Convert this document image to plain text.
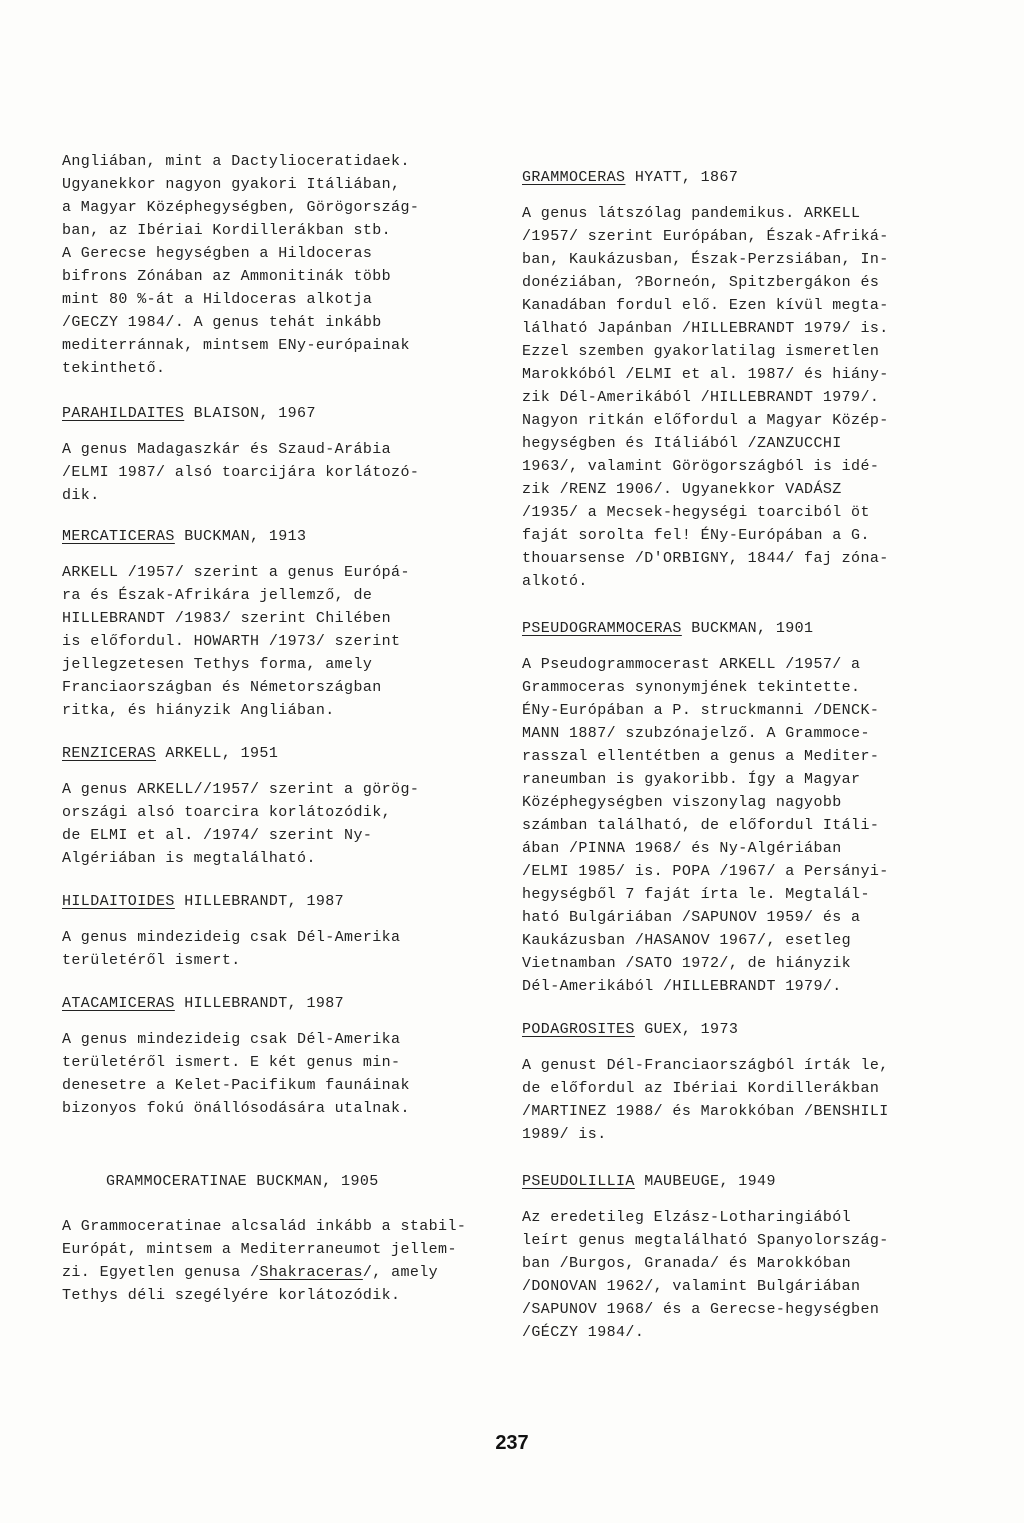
Angliában, mint a Dactylioceratidaek.

Ugyanekkor nagyon gyakori Itáliában,

a Magyar Középhegységben, Görögország-

ban, az Ibériai Kordillerákban stb.

A Gerecse hegységben a Hildoceras

bifrons Zónában az Ammonitinák több

mint 80 %-át a Hildoceras alkotja

/GECZY 1984/. A genus tehát inkább

mediterránnak, mintsem ENy-európainak

tekinthető.

PARAHILDAITES BLAISON, 1967

A genus Madagaszkár és Szaud-Arábia

/ELMI 1987/ alsó toarcijára korlátozó-

dik.

MERCATICERAS BUCKMAN, 1913

ARKELL /1957/ szerint a genus Európá-

ra és Észak-Afrikára jellemző, de

HILLEBRANDT /1983/ szerint Chilében

is előfordul. HOWARTH /1973/ szerint

jellegzetesen Tethys forma, amely

Franciaországban és Németországban

ritka, és hiányzik Angliában.

RENZICERAS ARKELL, 1951

A genus ARKELL//1957/ szerint a görög-

országi alsó toarcira korlátozódik,

de ELMI et al. /1974/ szerint Ny-

Algériában is megtalálható.

HILDAITOIDES HILLEBRANDT, 1987

A genus mindezideig csak Dél-Amerika

területéről ismert.

ATACAMICERAS HILLEBRANDT, 1987

A genus mindezideig csak Dél-Amerika

területéről ismert. E két genus min-

denesetre a Kelet-Pacifikum faunáinak

bizonyos fokú önállósodására utalnak.

GRAMMOCERATINAE BUCKMAN, 1905

A Grammoceratinae alcsalád inkább a stabil-

Európát, mintsem a Mediterraneumot jellem-

zi. Egyetlen genusa /Shakraceras/, amely

Tethys déli szegélyére korlátozódik.

GRAMMOCERAS HYATT, 1867

A genus látszólag pandemikus. ARKELL

/1957/ szerint Európában, Észak-Afriká-

ban, Kaukázusban, Észak-Perzsiában, In-

donéziában, ?Borneón, Spitzbergákon és

Kanadában fordul elő. Ezen kívül megta-

lálható Japánban /HILLEBRANDT 1979/ is.

Ezzel szemben gyakorlatilag ismeretlen

Marokkóból /ELMI et al. 1987/ és hiány-

zik Dél-Amerikából /HILLEBRANDT 1979/.

Nagyon ritkán előfordul a Magyar Közép-

hegységben és Itáliából /ZANZUCCHI

1963/, valamint Görögországból is idé-

zik /RENZ 1906/. Ugyanekkor VADÁSZ

/1935/ a Mecsek-hegységi toarciból öt

faját sorolta fel! ÉNy-Európában a G.

thouarsense /D'ORBIGNY, 1844/ faj zóna-

alkotó.

PSEUDOGRAMMOCERAS BUCKMAN, 1901

A Pseudogrammocerast ARKELL /1957/ a

Grammoceras synonymjének tekintette.

ÉNy-Európában a P. struckmanni /DENCK-

MANN 1887/ szubzónajelző. A Grammoce-

rasszal ellentétben a genus a Mediter-

raneumban is gyakoribb. Így a Magyar

Középhegységben viszonylag nagyobb

számban található, de előfordul Itáli-

ában /PINNA 1968/ és Ny-Algériában

/ELMI 1985/ is. POPA /1967/ a Persányi-

hegységből 7 faját írta le. Megtalál-

ható Bulgáriában /SAPUNOV 1959/ és a

Kaukázusban /HASANOV 1967/, esetleg

Vietnamban /SATO 1972/, de hiányzik

Dél-Amerikából /HILLEBRANDT 1979/.

PODAGROSITES GUEX, 1973

A genust Dél-Franciaországból írták le,

de előfordul az Ibériai Kordillerákban

/MARTINEZ 1988/ és Marokkóban /BENSHILI

1989/ is.

PSEUDOLILLIA MAUBEUGE, 1949

Az eredetileg Elzász-Lotharingiából

leírt genus megtalálható Spanyolország-

ban /Burgos, Granada/ és Marokkóban

/DONOVAN 1962/, valamint Bulgáriában

/SAPUNOV 1968/ és a Gerecse-hegységben

/GÉCZY 1984/.

237
